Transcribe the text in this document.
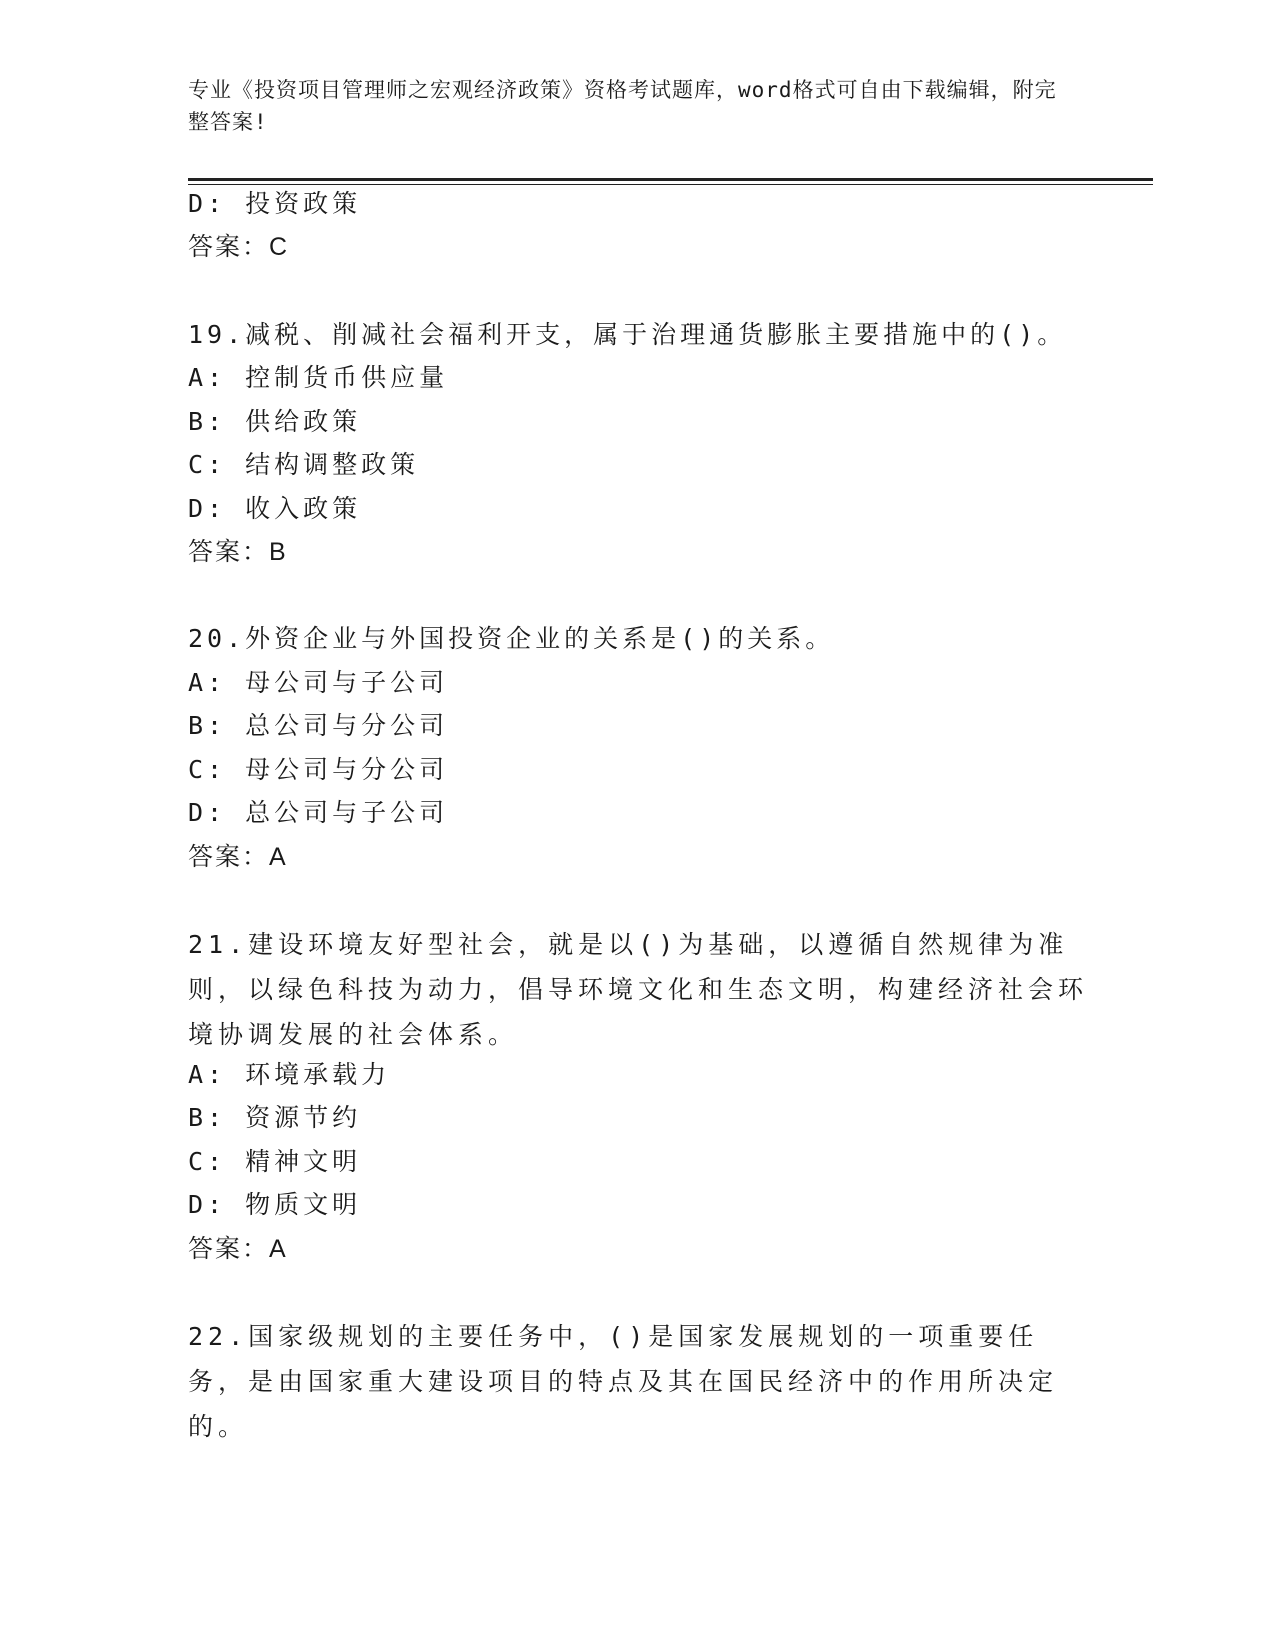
专业《投资项目管理师之宏观经济政策》资格考试题库，word格式可自由下载编辑，附完整答案!
D: 投资政策
答案：C
19.减税、削减社会福利开支，属于治理通货膨胀主要措施中的()。
A: 控制货币供应量
B: 供给政策
C: 结构调整政策
D: 收入政策
答案：B
20.外资企业与外国投资企业的关系是()的关系。
A: 母公司与子公司
B: 总公司与分公司
C: 母公司与分公司
D: 总公司与子公司
答案：A
21.建设环境友好型社会，就是以()为基础，以遵循自然规律为准则，以绿色科技为动力，倡导环境文化和生态文明，构建经济社会环境协调发展的社会体系。
A: 环境承载力
B: 资源节约
C: 精神文明
D: 物质文明
答案：A
22.国家级规划的主要任务中，()是国家发展规划的一项重要任务，是由国家重大建设项目的特点及其在国民经济中的作用所决定的。
